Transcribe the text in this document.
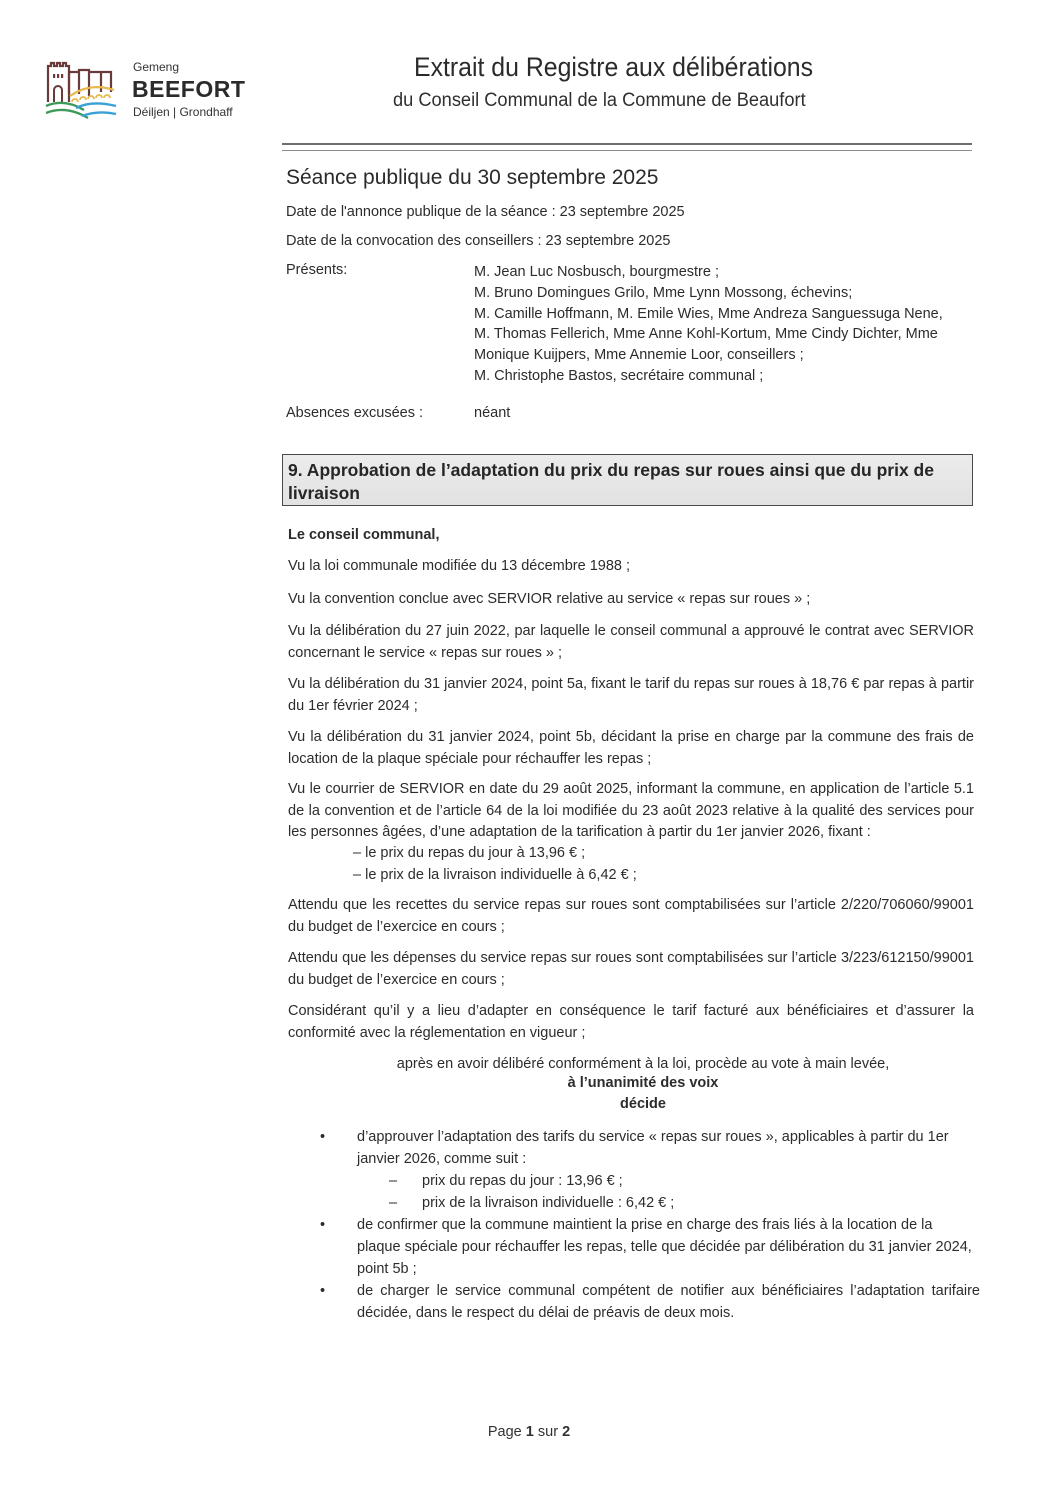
Gemeng
BEEFORT
Déiljen | Grondhaff
Extrait du Registre aux délibérations
du Conseil Communal de la Commune de Beaufort
Séance publique du 30 septembre 2025
Date de l'annonce publique de la séance : 23 septembre 2025
Date de la convocation des conseillers : 23 septembre 2025
Présents:	M. Jean Luc Nosbusch, bourgmestre ;
M. Bruno Domingues Grilo, Mme Lynn Mossong, échevins;
M. Camille Hoffmann, M. Emile Wies, Mme Andreza Sanguessuga Nene,
M. Thomas Fellerich, Mme Anne Kohl-Kortum, Mme Cindy Dichter, Mme
Monique Kuijpers, Mme Annemie Loor, conseillers ;
M. Christophe Bastos, secrétaire communal ;
Absences excusées :	néant
9. Approbation de l’adaptation du prix du repas sur roues ainsi que du prix de livraison
Le conseil communal,
Vu la loi communale modifiée du 13 décembre 1988 ;
Vu la convention conclue avec SERVIOR relative au service « repas sur roues » ;
Vu la délibération du 27 juin 2022, par laquelle le conseil communal a approuvé le contrat avec SERVIOR concernant le service « repas sur roues » ;
Vu la délibération du 31 janvier 2024, point 5a, fixant le tarif du repas sur roues à 18,76 € par repas à partir du 1er février 2024 ;
Vu la délibération du 31 janvier 2024, point 5b, décidant la prise en charge par la commune des frais de location de la plaque spéciale pour réchauffer les repas ;
Vu le courrier de SERVIOR en date du 29 août 2025, informant la commune, en application de l’article 5.1 de la convention et de l’article 64 de la loi modifiée du 23 août 2023 relative à la qualité des services pour les personnes âgées, d’une adaptation de la tarification à partir du 1er janvier 2026, fixant :
– le prix du repas du jour à 13,96 € ;
– le prix de la livraison individuelle à 6,42 € ;
Attendu que les recettes du service repas sur roues sont comptabilisées sur l’article 2/220/706060/99001 du budget de l’exercice en cours ;
Attendu que les dépenses du service repas sur roues sont comptabilisées sur l’article 3/223/612150/99001 du budget de l’exercice en cours ;
Considérant qu’il y a lieu d’adapter en conséquence le tarif facturé aux bénéficiaires et d’assurer la conformité avec la réglementation en vigueur ;
après en avoir délibéré conformément à la loi, procède au vote à main levée,
à l’unanimité des voix
décide
•	d’approuver l’adaptation des tarifs du service « repas sur roues », applicables à partir du 1er janvier 2026, comme suit :
– prix du repas du jour : 13,96 € ;
– prix de la livraison individuelle : 6,42 € ;
•	de confirmer que la commune maintient la prise en charge des frais liés à la location de la plaque spéciale pour réchauffer les repas, telle que décidée par délibération du 31 janvier 2024, point 5b ;
•	de charger le service communal compétent de notifier aux bénéficiaires l’adaptation tarifaire décidée, dans le respect du délai de préavis de deux mois.
Page 1 sur 2
